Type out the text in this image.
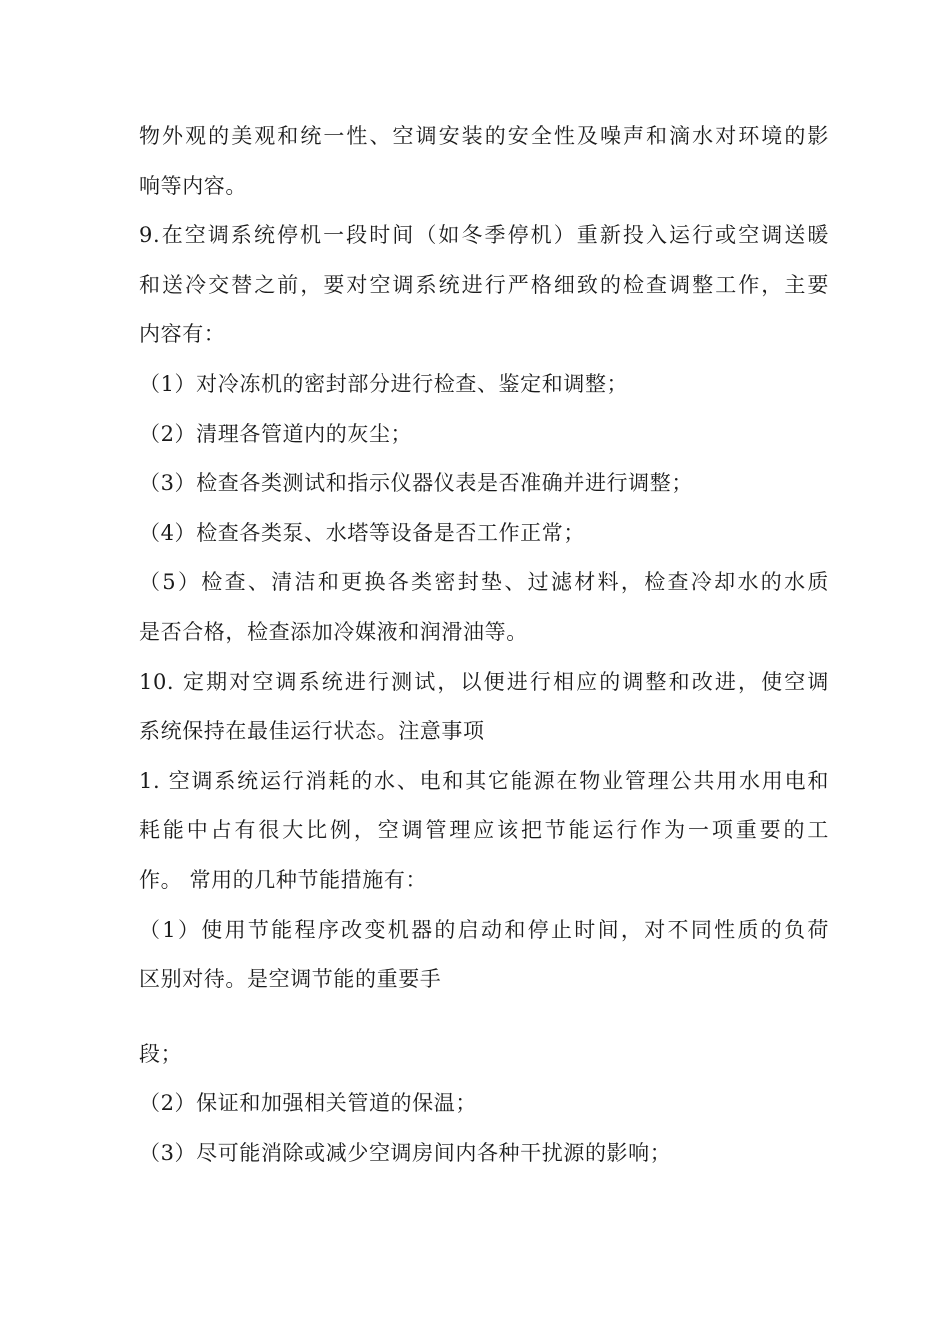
物外观的美观和统一性、空调安装的安全性及噪声和滴水对环境的影
响等内容。
9.在空调系统停机一段时间（如冬季停机）重新投入运行或空调送暖
和送冷交替之前，要对空调系统进行严格细致的检查调整工作，主要
内容有：
（1）对冷冻机的密封部分进行检查、鉴定和调整；
（2）清理各管道内的灰尘；
（3）检查各类测试和指示仪器仪表是否准确并进行调整；
（4）检查各类泵、水塔等设备是否工作正常；
（5）检查、清洁和更换各类密封垫、过滤材料，检查冷却水的水质
是否合格，检查添加冷媒液和润滑油等。
10. 定期对空调系统进行测试，以便进行相应的调整和改进，使空调
系统保持在最佳运行状态。注意事项
1. 空调系统运行消耗的水、电和其它能源在物业管理公共用水用电和
耗能中占有很大比例，空调管理应该把节能运行作为一项重要的工
作。 常用的几种节能措施有：
（1）使用节能程序改变机器的启动和停止时间，对不同性质的负荷
区别对待。是空调节能的重要手
段；
（2）保证和加强相关管道的保温；
（3）尽可能消除或减少空调房间内各种干扰源的影响；
